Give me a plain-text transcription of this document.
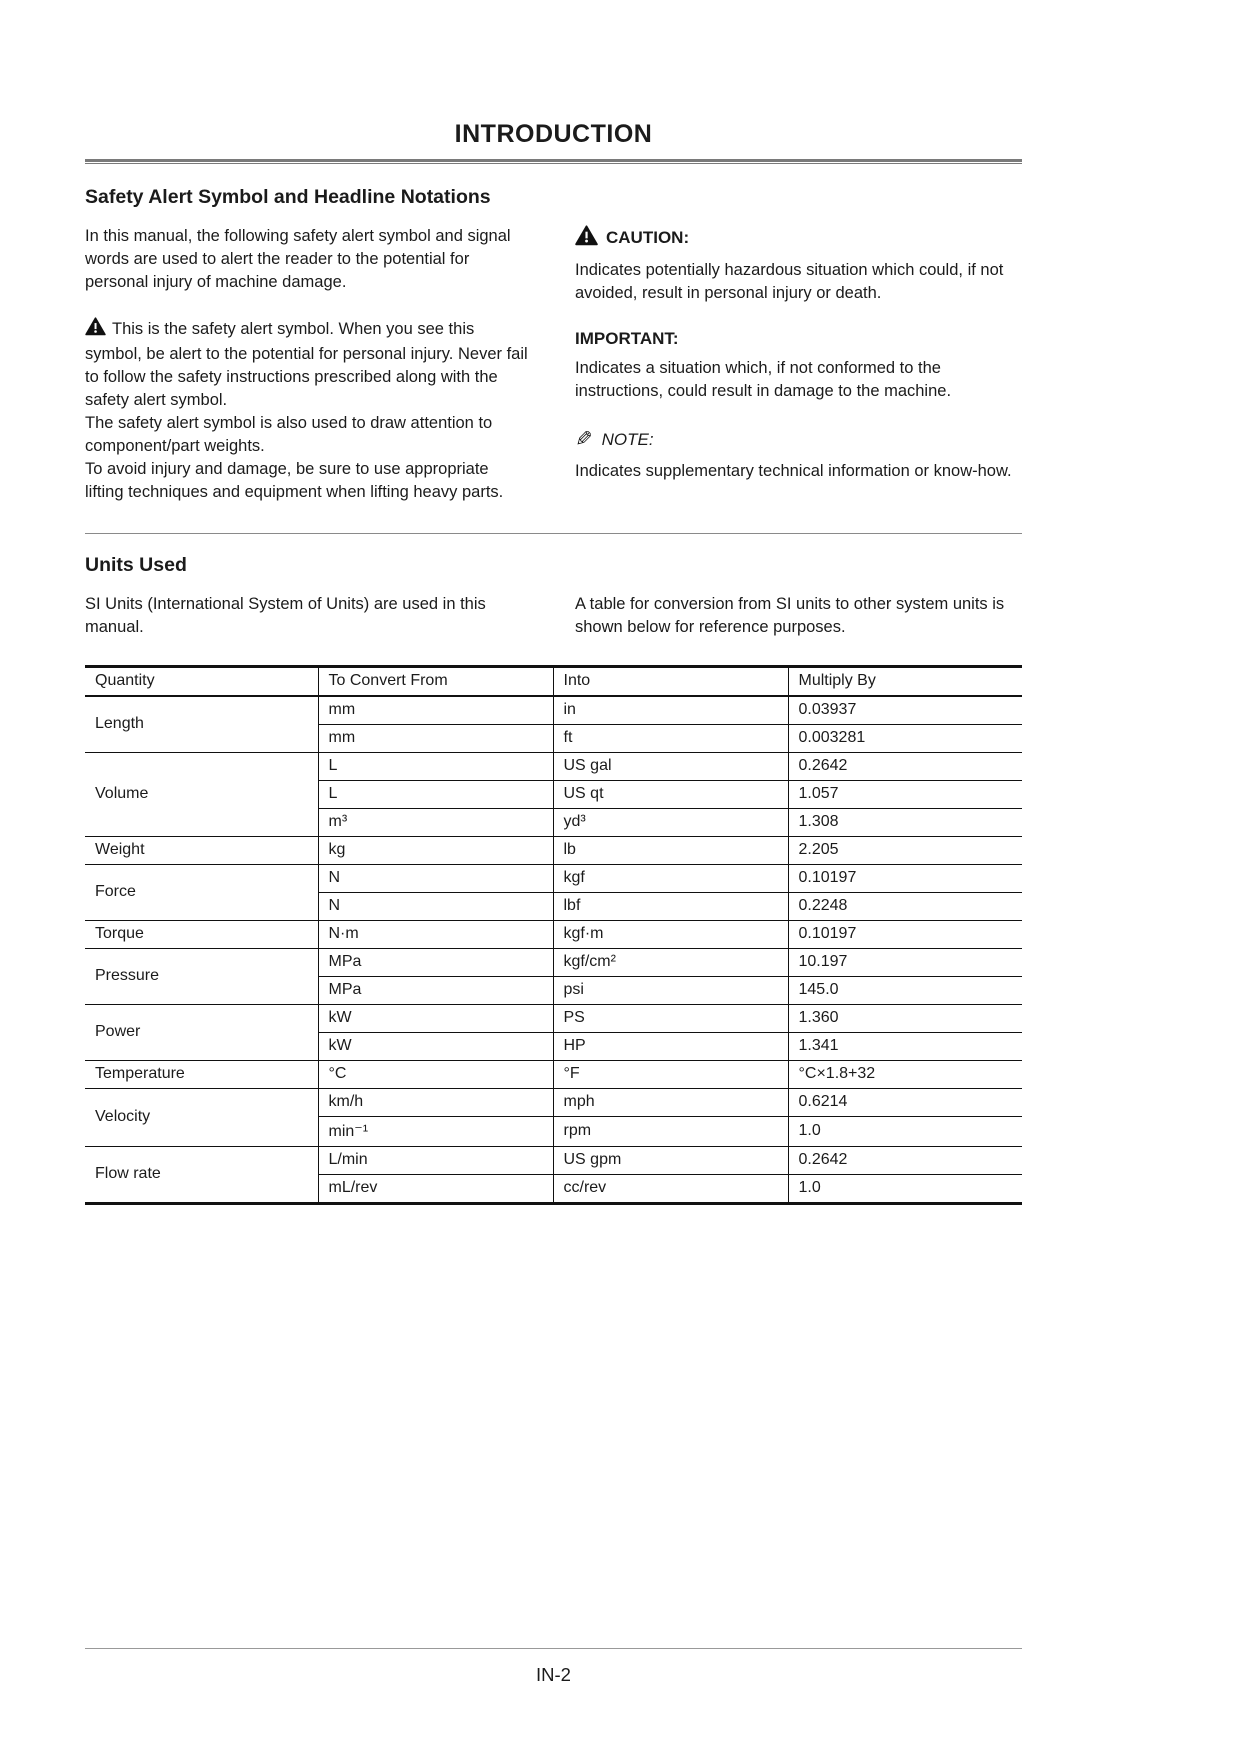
INTRODUCTION
Safety Alert Symbol and Headline Notations
In this manual, the following safety alert symbol and signal words are used to alert the reader to the potential for personal injury of machine damage.
This is the safety alert symbol. When you see this symbol, be alert to the potential for personal injury. Never fail to follow the safety instructions prescribed along with the safety alert symbol.
The safety alert symbol is also used to draw attention to component/part weights.
To avoid injury and damage, be sure to use appropriate lifting techniques and equipment when lifting heavy parts.
CAUTION:
Indicates potentially hazardous situation which could, if not avoided, result in personal injury or death.
IMPORTANT:
Indicates a situation which, if not conformed to the instructions, could result in damage to the machine.
✎ NOTE:
Indicates supplementary technical information or know-how.
Units Used
SI Units (International System of Units) are used in this manual.
A table for conversion from SI units to other system units is shown below for reference purposes.
Quantity	To Convert From	Into	Multiply By
Length	mm	in	0.03937
	mm	ft	0.003281
Volume	L	US gal	0.2642
	L	US qt	1.057
	m³	yd³	1.308
Weight	kg	lb	2.205
Force	N	kgf	0.10197
	N	lbf	0.2248
Torque	N·m	kgf·m	0.10197
Pressure	MPa	kgf/cm²	10.197
	MPa	psi	145.0
Power	kW	PS	1.360
	kW	HP	1.341
Temperature	°C	°F	°C×1.8+32
Velocity	km/h	mph	0.6214
	min⁻¹	rpm	1.0
Flow rate	L/min	US gpm	0.2642
	mL/rev	cc/rev	1.0
IN-2
